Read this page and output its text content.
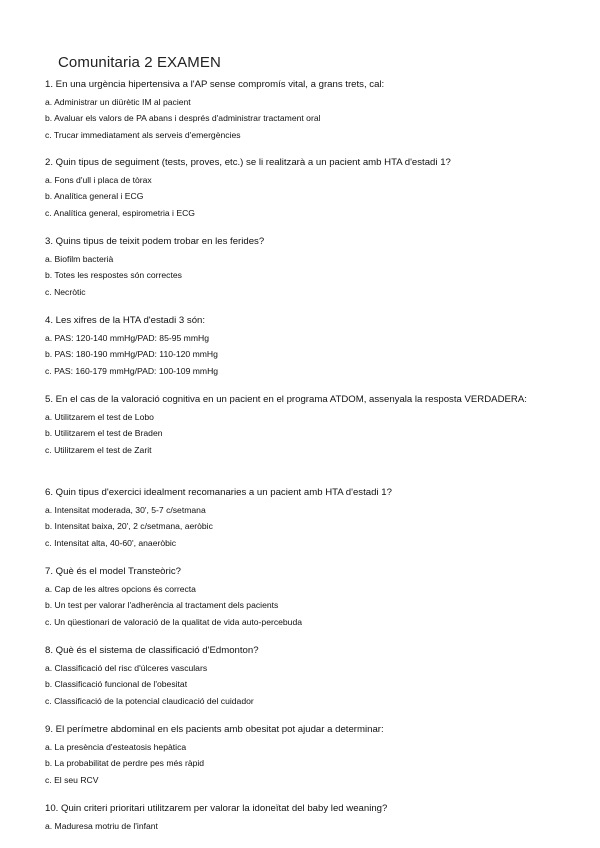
Comunitaria 2 EXAMEN

1. En una urgència hipertensiva a l'AP sense compromís vital, a grans trets, cal:

a. Administrar un diürètic IM al pacient

b. Avaluar els valors de PA abans i després d'administrar tractament oral

c. Trucar immediatament als serveis d'emergències

2. Quin tipus de seguiment (tests, proves, etc.) se li realitzarà a un pacient amb HTA d'estadi 1?

a. Fons d'ull i placa de tòrax

b. Analítica general i ECG

c. Analítica general, espirometria i ECG

3. Quins tipus de teixit podem trobar en les ferides?

a. Biofilm bacterià

b. Totes les respostes són correctes

c. Necròtic

4. Les xifres de la HTA d'estadi 3 són:

a. PAS: 120-140 mmHg/PAD: 85-95 mmHg

b. PAS: 180-190 mmHg/PAD: 110-120 mmHg

c. PAS: 160-179 mmHg/PAD: 100-109 mmHg

5. En el cas de la valoració cognitiva en un pacient en el programa ATDOM, assenyala la resposta VERDADERA:

a. Utilitzarem el test de Lobo

b. Utilitzarem el test de Braden

c. Utilitzarem el test de Zarit

6. Quin tipus d'exercici idealment recomanaries a un pacient amb HTA d'estadi 1?

a. Intensitat moderada, 30', 5-7 c/setmana

b. Intensitat baixa, 20', 2 c/setmana, aeròbic

c. Intensitat alta, 40-60', anaeròbic

7. Què és el model Transteòric?

a. Cap de les altres opcions és correcta

b. Un test per valorar l'adherència al tractament dels pacients

c. Un qüestionari de valoració de la qualitat de vida auto-percebuda

8. Què és el sistema de classificació d'Edmonton?

a. Classificació del risc d'úlceres vasculars

b. Classificació funcional de l'obesitat

c. Classificació de la potencial claudicació del cuidador

9. El perímetre abdominal en els pacients amb obesitat pot ajudar a determinar:

a. La presència d'esteatosis hepàtica

b. La probabilitat de perdre pes més ràpid

c. El seu RCV

10. Quin criteri prioritari utilitzarem per valorar la idoneïtat del baby led weaning?

a. Maduresa motriu de l'infant
